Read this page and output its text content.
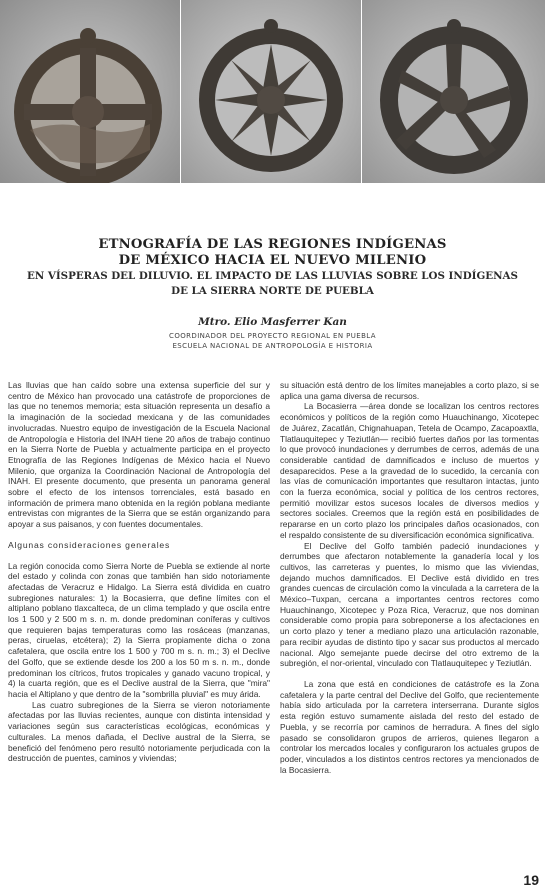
ETNOGRAFÍA DE LAS REGIONES INDÍGENAS
DE MÉXICO HACIA EL NUEVO MILENIO
EN VÍSPERAS DEL DILUVIO. EL IMPACTO DE LAS LLUVIAS SOBRE LOS INDÍGENAS
DE LA SIERRA NORTE DE PUEBLA
Mtro. Elio Masferrer Kan
COORDINADOR DEL PROYECTO REGIONAL EN PUEBLA
ESCUELA NACIONAL DE ANTROPOLOGÍA E HISTORIA

Las lluvias que han caído sobre una extensa superficie del sur y centro de México han provocado una catástrofe de proporciones de las que no tenemos memoria; esta situación representa un desafío a la imaginación de la sociedad mexicana y de las comunidades involucradas. Nuestro equipo de investigación de la Escuela Nacional de Antropología e Historia del INAH tiene 20 años de trabajo continuo en la Sierra Norte de Puebla y actualmente participa en el proyecto Etnografía de las Regiones Indígenas de México hacia el Nuevo Milenio, que organiza la Coordinación Nacional de Antropología del INAH. El presente documento, que presenta un panorama general sobre el efecto de los intensos torrenciales, está basado en información de primera mano obtenida en la región poblana mediante entrevistas con migrantes de la Sierra que se están organizando para apoyar a sus paisanos, y con fuentes documentales.

Algunas consideraciones generales

La región conocida como Sierra Norte de Puebla se extiende al norte del estado y colinda con zonas que también han sido notoriamente afectadas de Veracruz e Hidalgo. La Sierra está dividida en cuatro subregiones naturales: 1) la Bocasierra, que define límites con el altiplano poblano tlaxcalteca, de un clima templado y que oscila entre los 1 500 y 2 500 m s. n. m. donde predominan coníferas y cultivos que requieren bajas temperaturas como las rosáceas (manzanas, peras, ciruelas, etcétera); 2) la Sierra propiamente dicha o zona cafetalera, que oscila entre los 1 500 y 700 m s. n. m.; 3) el Declive del Golfo, que se extiende desde los 200 a los 50 m s. n. m., donde predominan los cítricos, frutos tropicales y ganado vacuno tropical, y 4) la cuarta región, que es el Declive austral de la Sierra, que "mira" hacia el Altiplano y que dentro de la "sombrilla pluvial" es muy árida.

Las cuatro subregiones de la Sierra se vieron notoriamente afectadas por las lluvias recientes, aunque con distinta intensidad y variaciones según sus características ecológicas, económicas y culturales. La menos dañada, el Declive austral de la Sierra, se benefició del fenómeno pero resultó notoriamente perjudicada con la destrucción de puentes, caminos y viviendas;

su situación está dentro de los límites manejables a corto plazo, si se aplica una gama diversa de recursos.

La Bocasierra —área donde se localizan los centros rectores económicos y políticos de la región como Huauchinango, Xicotepec de Juárez, Zacatlán, Chignahuapan, Tetela de Ocampo, Zacapoaxtla, Tlatlauquitepec y Teziutlán— recibió fuertes daños por las tormentas lo que provocó inundaciones y derrumbes de cerros, además de una considerable cantidad de damnificados e incluso de muertos y desaparecidos. Pese a la gravedad de lo sucedido, la cercanía con las vías de comunicación importantes que resultaron intactas, junto con la fuerza económica, social y política de los centros rectores, permitió movilizar estos sucesos locales de diversos medios y sectores sociales. Creemos que la región está en posibilidades de repararse en un corto plazo los principales daños ocasionados, con el respaldo consistente de su diversificación económica significativa.

El Declive del Golfo también padeció inundaciones y derrumbes que afectaron notablemente la ganadería local y los cultivos, las carreteras y puentes, lo mismo que las viviendas, dejando muchos damnificados. El Declive está dividido en tres grandes cuencas de circulación como la vinculada a la carretera de la México–Tuxpan, cercana a importantes centros rectores como Huauchinango, Xicotepec y Poza Rica, Veracruz, que nos dominan considerable como propia para sobreponerse a los afectaciones en un corto plazo y tener a mediano plazo una articulación razonable, para recibir ayudas de distinto tipo y sacar sus productos al mercado nacional. Algo semejante puede decirse del otro extremo de la subregión, el nor-oriental, vinculado con Tlatlauquitepec y Teziutlán.

La zona que está en condiciones de catástrofe es la Zona cafetalera y la parte central del Declive del Golfo, que recientemente había sido articulada por la carretera interserrana. Durante siglos esta región estuvo sumamente aislada del resto del estado de Puebla, y se recorría por caminos de herradura. A fines del siglo pasado se consolidaron grupos de arrieros, quienes llegaron a controlar los mercados locales y configuraron los actuales grupos de poder, vinculados a los distintos centros rectores ya mencionados de la Bocasierra.

19
